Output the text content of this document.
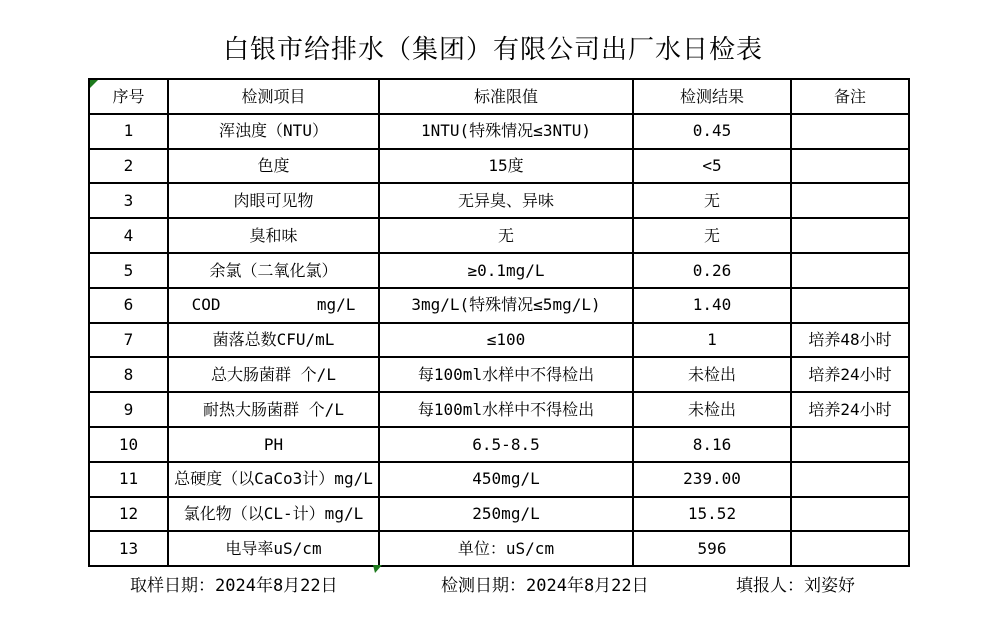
白银市给排水（集团）有限公司出厂水日检表
序号	检测项目	标准限值	检测结果	备注
1	浑浊度（NTU）	1NTU(特殊情况≤3NTU)	0.45	
2	色度	15度	<5	
3	肉眼可见物	无异臭、异味	无	
4	臭和味	无	无	
5	余氯（二氧化氯）	≥0.1mg/L	0.26	
6	COD          mg/L	3mg/L(特殊情况≤5mg/L)	1.40	
7	菌落总数CFU/mL	≤100	1	培养48小时
8	总大肠菌群 个/L	每100ml水样中不得检出	未检出	培养24小时
9	耐热大肠菌群 个/L	每100ml水样中不得检出	未检出	培养24小时
10	PH	6.5-8.5	8.16	
11	总硬度（以CaCo3计）mg/L	450mg/L	239.00	
12	氯化物（以CL-计）mg/L	250mg/L	15.52	
13	电导率uS/cm	单位：uS/cm	596	
取样日期：2024年8月22日	检测日期：2024年8月22日	填报人：刘姿妤
